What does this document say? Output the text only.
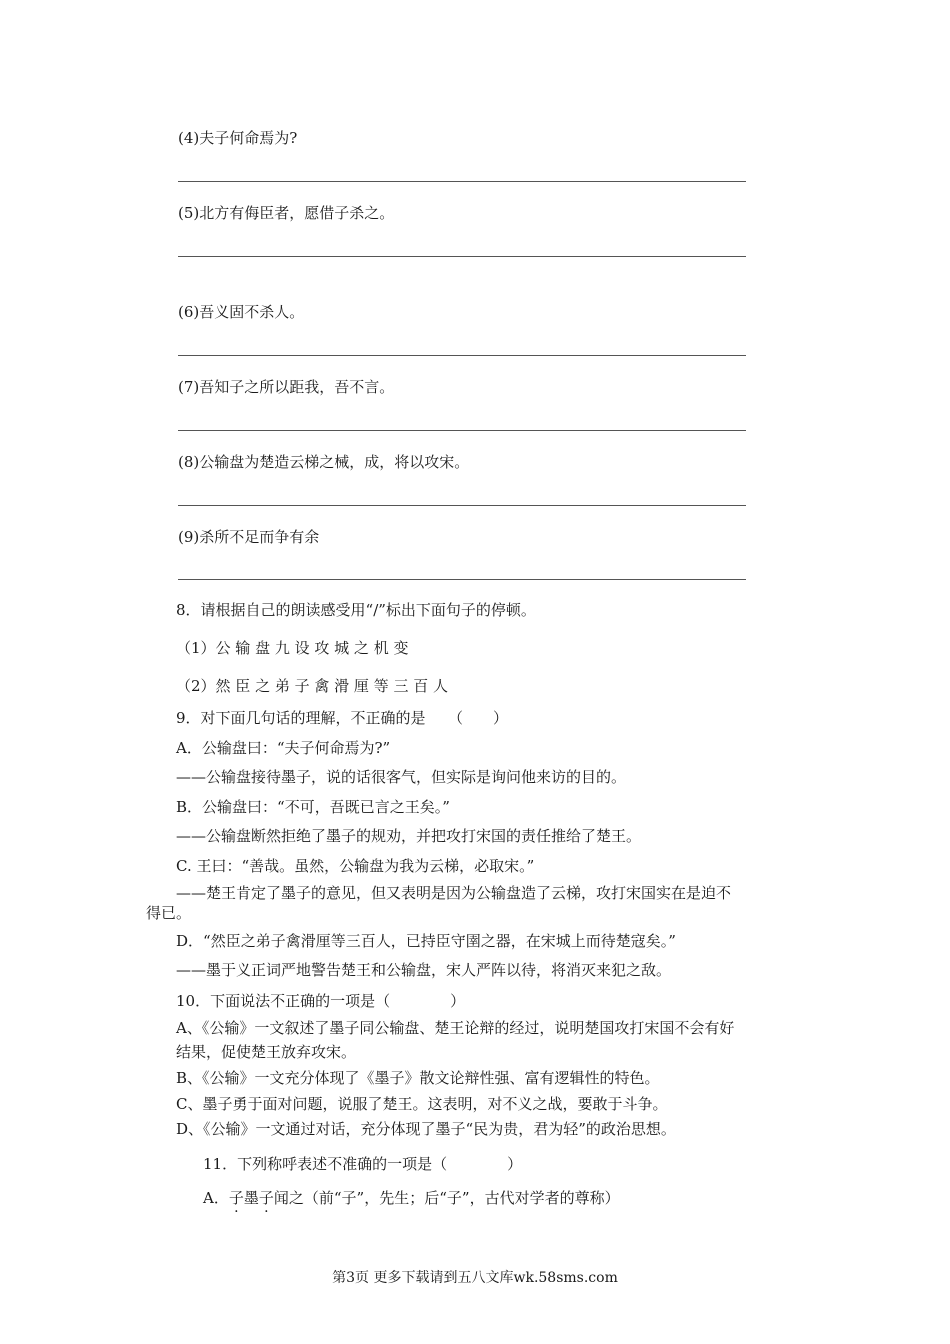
(4)夫子何命焉为?
(5)北方有侮臣者，愿借子杀之。
(6)吾义固不杀人。
(7)吾知子之所以距我，吾不言。
(8)公输盘为楚造云梯之械，成，将以攻宋。
(9)杀所不足而争有余
8．请根据自己的朗读感受用“/”标出下面句子的停顿。
（1）公 输 盘 九 设 攻 城 之 机 变
（2）然 臣 之 弟 子 禽 滑 厘 等 三 百 人
9．对下面几句话的理解，不正确的是　　（　　）
A．公输盘曰：“夫子何命焉为?”
——公输盘接待墨子，说的话很客气，但实际是询问他来访的目的。
B．公输盘曰：“不可，吾既已言之王矣。”
——公输盘断然拒绝了墨子的规劝，并把攻打宋国的责任推给了楚王。
C. 王曰：“善哉。虽然，公输盘为我为云梯，必取宋。”
——楚王肯定了墨子的意见，但又表明是因为公输盘造了云梯，攻打宋国实在是迫不
得已。
D．“然臣之弟子禽滑厘等三百人，已持臣守圉之器，在宋城上而待楚寇矣。”
——墨于义正词严地警告楚王和公输盘，宋人严阵以待，将消灭来犯之敌。
10．下面说法不正确的一项是（　　　　）
A、《公输》一文叙述了墨子同公输盘、楚王论辩的经过，说明楚国攻打宋国不会有好
结果，促使楚王放弃攻宋。
B、《公输》一文充分体现了《墨子》散文论辩性强、富有逻辑性的特色。
C、墨子勇于面对问题，说服了楚王。这表明，对不义之战，要敢于斗争。
D、《公输》一文通过对话，充分体现了墨子“民为贵，君为轻”的政治思想。
11．下列称呼表述不准确的一项是（　　　　）
A．子墨子闻之（前“子”，先生；后“子”，古代对学者的尊称）
第3页 更多下载请到五八文库wk.58sms.com
